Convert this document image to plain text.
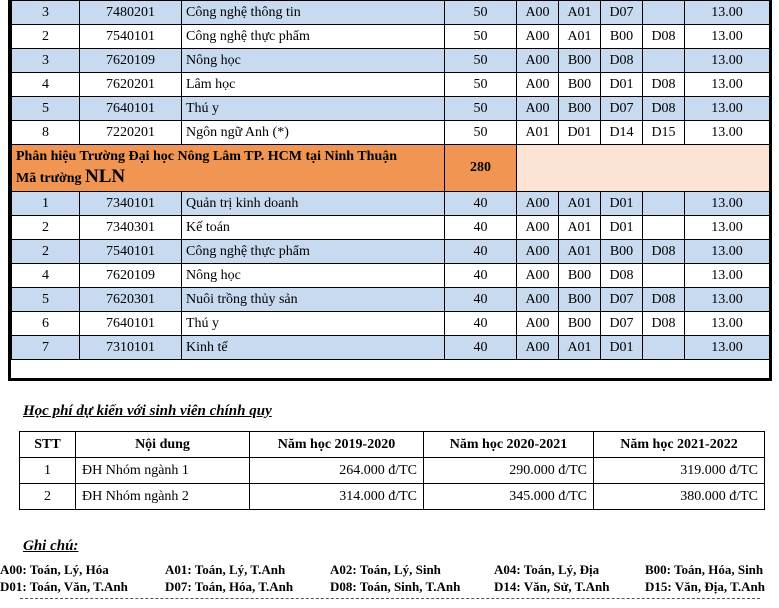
3	7480201	Công nghệ thông tin	50	A00	A01	D07		13.00
2	7540101	Công nghệ thực phẩm	50	A00	A01	B00	D08	13.00
3	7620109	Nông học	50	A00	B00	D08		13.00
4	7620201	Lâm học	50	A00	B00	D01	D08	13.00
5	7640101	Thú y	50	A00	B00	D07	D08	13.00
8	7220201	Ngôn ngữ Anh (*)	50	A01	D01	D14	D15	13.00

Phân hiệu Trường Đại học Nông Lâm TP. HCM tại Ninh Thuận
Mã trường NLN			280					
1	7340101	Quản trị kinh doanh	40	A00	A01	D01		13.00
2	7340301	Kế toán	40	A00	A01	D01		13.00
2	7540101	Công nghệ thực phẩm	40	A00	A01	B00	D08	13.00
4	7620109	Nông học	40	A00	B00	D08		13.00
5	7620301	Nuôi trồng thủy sản	40	A00	B00	D07	D08	13.00
6	7640101	Thú y	40	A00	B00	D07	D08	13.00
7	7310101	Kinh tế	40	A00	A01	D01		13.00
Học phí dự kiến với sinh viên chính quy
STT	Nội dung	Năm học 2019-2020	Năm học 2020-2021	Năm học 2021-2022
1	ĐH Nhóm ngành 1	264.000 đ/TC	290.000 đ/TC	319.000 đ/TC
2	ĐH Nhóm ngành 2	314.000 đ/TC	345.000 đ/TC	380.000 đ/TC
Ghi chú:
A00: Toán, Lý, Hóa	A01: Toán, Lý, T.Anh	A02: Toán, Lý, Sinh	A04: Toán, Lý, Địa	B00: Toán, Hóa, Sinh
D01: Toán, Văn, T.Anh	D07: Toán, Hóa, T.Anh	D08: Toán, Sinh, T.Anh	D14: Văn, Sử, T.Anh	D15: Văn, Địa, T.Anh
